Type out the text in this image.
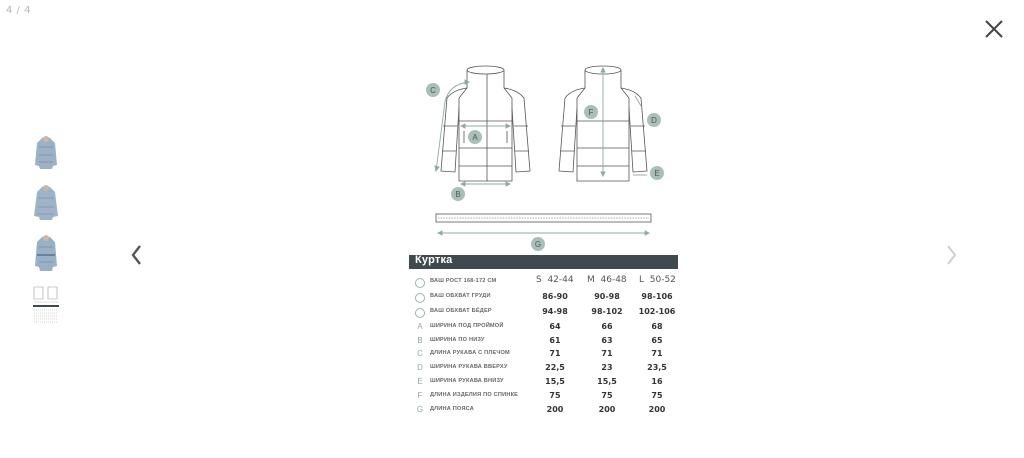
4 / 4
A
B
C
D
E
F
G
Куртка
S 42-44 M 46-48 L 50-52
ВАШ РОСТ 168-172 СМ
ВАШ ОБХВАТ ГРУДИ	86-90	90-98	98-106
ВАШ ОБХВАТ БЁДЕР	94-98	98-102	102-106
A	ШИРИНА ПОД ПРОЙМОЙ	64	66	68
B	ШИРИНА ПО НИЗУ	61	63	65
C	ДЛИНА РУКАВА С ПЛЕЧОМ	71	71	71
D	ШИРИНА РУКАВА ВВЕРХУ	22,5	23	23,5
E	ШИРИНА РУКАВА ВНИЗУ	15,5	15,5	16
F	ДЛИНА ИЗДЕЛИЯ ПО СПИНКЕ	75	75	75
G	ДЛИНА ПОЯСА	200	200	200
